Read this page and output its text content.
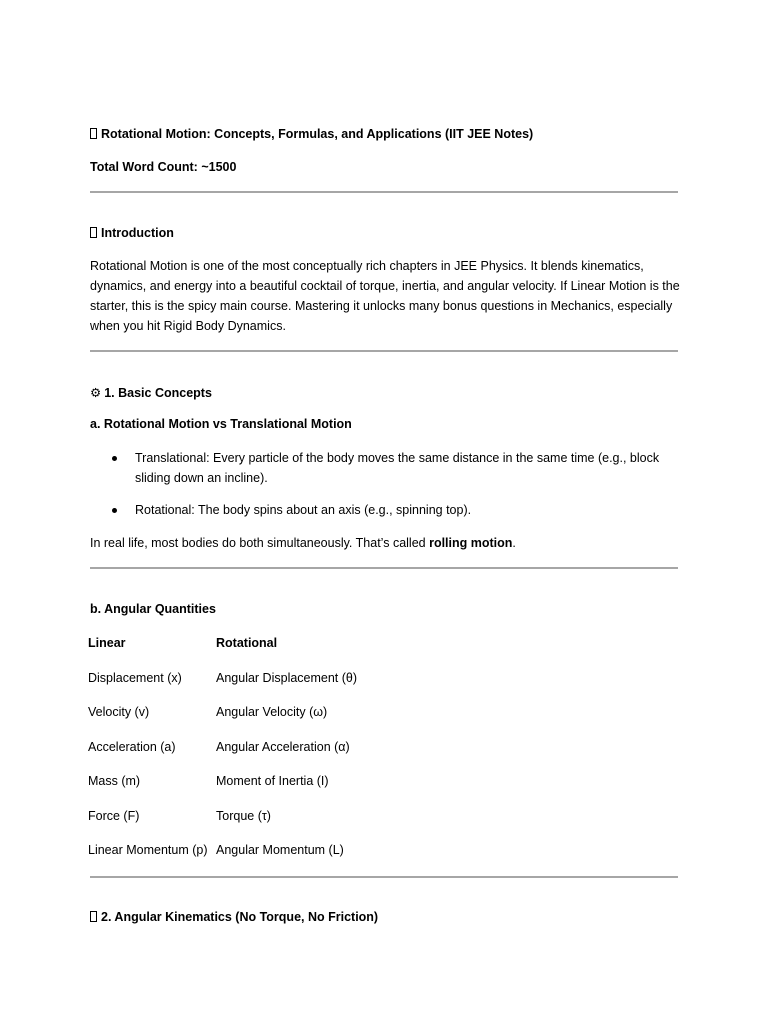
Rotational Motion: Concepts, Formulas, and Applications (IIT JEE Notes)
Total Word Count: ~1500
Introduction
Rotational Motion is one of the most conceptually rich chapters in JEE Physics. It blends kinematics, dynamics, and energy into a beautiful cocktail of torque, inertia, and angular velocity. If Linear Motion is the starter, this is the spicy main course. Mastering it unlocks many bonus questions in Mechanics, especially when you hit Rigid Body Dynamics.
⚙ 1. Basic Concepts
a. Rotational Motion vs Translational Motion
Translational: Every particle of the body moves the same distance in the same time (e.g., block sliding down an incline).
Rotational: The body spins about an axis (e.g., spinning top).
In real life, most bodies do both simultaneously. That’s called rolling motion.
b. Angular Quantities
Linear	Rotational
Displacement (x)	Angular Displacement (θ)
Velocity (v)	Angular Velocity (ω)
Acceleration (a)	Angular Acceleration (α)
Mass (m)	Moment of Inertia (I)
Force (F)	Torque (τ)
Linear Momentum (p) Angular Momentum (L)
2. Angular Kinematics (No Torque, No Friction)
